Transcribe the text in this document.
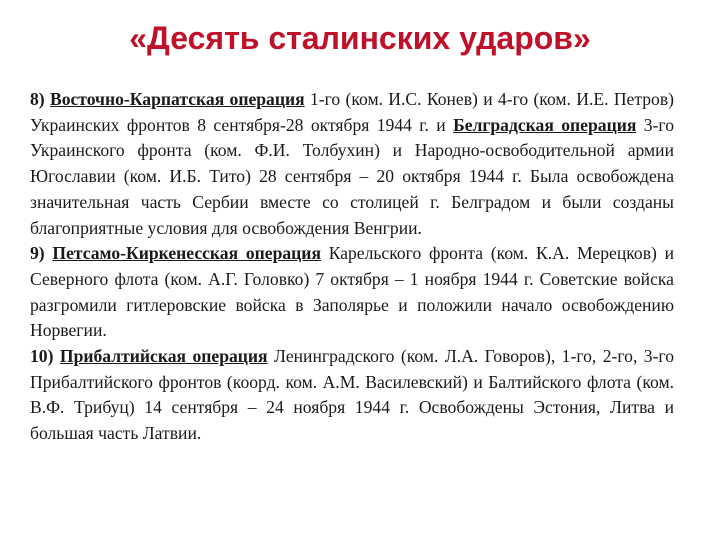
«Десять сталинских ударов»

8) Восточно-Карпатская операция 1-го (ком. И.С. Конев) и 4-го (ком. И.Е. Петров) Украинских фронтов 8 сентября-28 октября 1944 г. и Белградская операция 3-го Украинского фронта (ком. Ф.И. Толбухин) и Народно-освободительной армии Югославии (ком. И.Б. Тито) 28 сентября – 20 октября 1944 г. Была освобождена значительная часть Сербии вместе со столицей г. Белградом и были созданы благоприятные условия для освобождения Венгрии.

9) Петсамо-Киркенесская операция Карельского фронта (ком. К.А. Мерецков) и Северного флота (ком. А.Г. Головко) 7 октября – 1 ноября 1944 г. Советские войска разгромили гитлеровские войска в Заполярье и положили начало освобождению Норвегии.

10) Прибалтийская операция Ленинградского (ком. Л.А. Говоров), 1-го, 2-го, 3-го Прибалтийского фронтов (коорд. ком. А.М. Василевский) и Балтийского флота (ком. В.Ф. Трибуц) 14 сентября – 24 ноября 1944 г. Освобождены Эстония, Литва и большая часть Латвии.
